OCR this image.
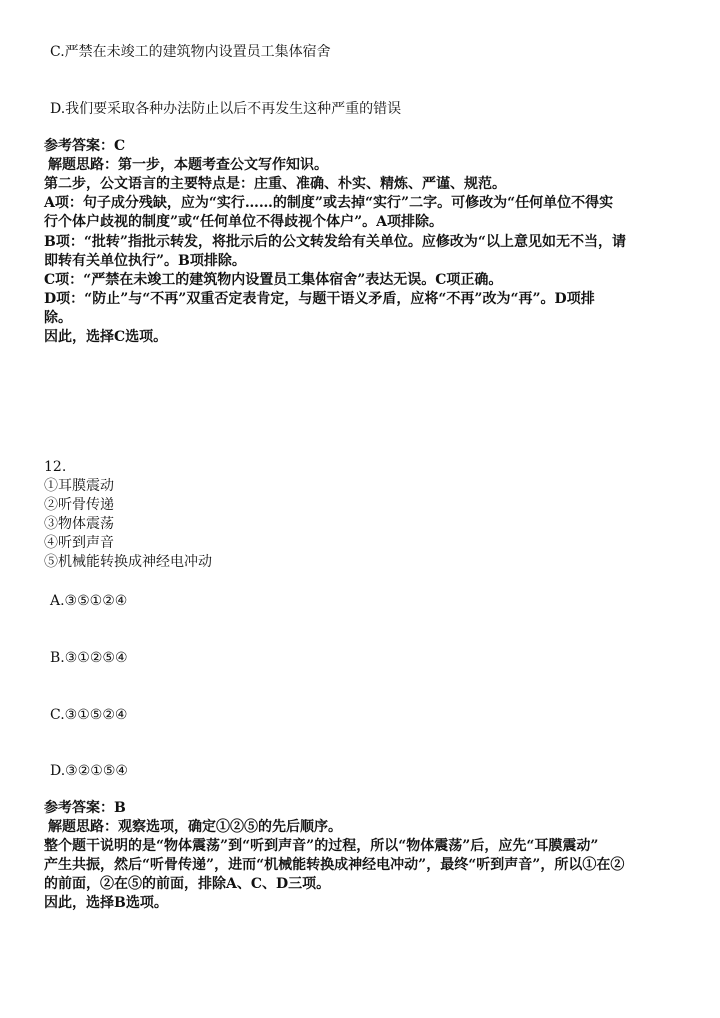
C.严禁在未竣工的建筑物内设置员工集体宿舍
D.我们要采取各种办法防止以后不再发生这种严重的错误
参考答案：C
解题思路：第一步，本题考查公文写作知识。
第二步，公文语言的主要特点是：庄重、准确、朴实、精炼、严谨、规范。
A项：句子成分残缺，应为“实行……的制度”或去掉“实行”二字。可修改为“任何单位不得实
行个体户歧视的制度”或“任何单位不得歧视个体户”。A项排除。
B项：“批转”指批示转发，将批示后的公文转发给有关单位。应修改为“以上意见如无不当，请
即转有关单位执行”。B项排除。
C项：“严禁在未竣工的建筑物内设置员工集体宿舍”表达无误。C项正确。
D项：“防止”与“不再”双重否定表肯定，与题干语义矛盾，应将“不再”改为“再”。D项排
除。
因此，选择C选项。
12.
①耳膜震动
②听骨传递
③物体震荡
④听到声音
⑤机械能转换成神经电冲动
A.③⑤①②④
B.③①②⑤④
C.③①⑤②④
D.③②①⑤④
参考答案：B
解题思路：观察选项，确定①②⑤的先后顺序。
整个题干说明的是“物体震荡”到“听到声音”的过程，所以“物体震荡”后，应先“耳膜震动”
产生共振，然后“听骨传递”，进而“机械能转换成神经电冲动”，最终“听到声音”，所以①在②
的前面，②在⑤的前面，排除A、C、D三项。
因此，选择B选项。
